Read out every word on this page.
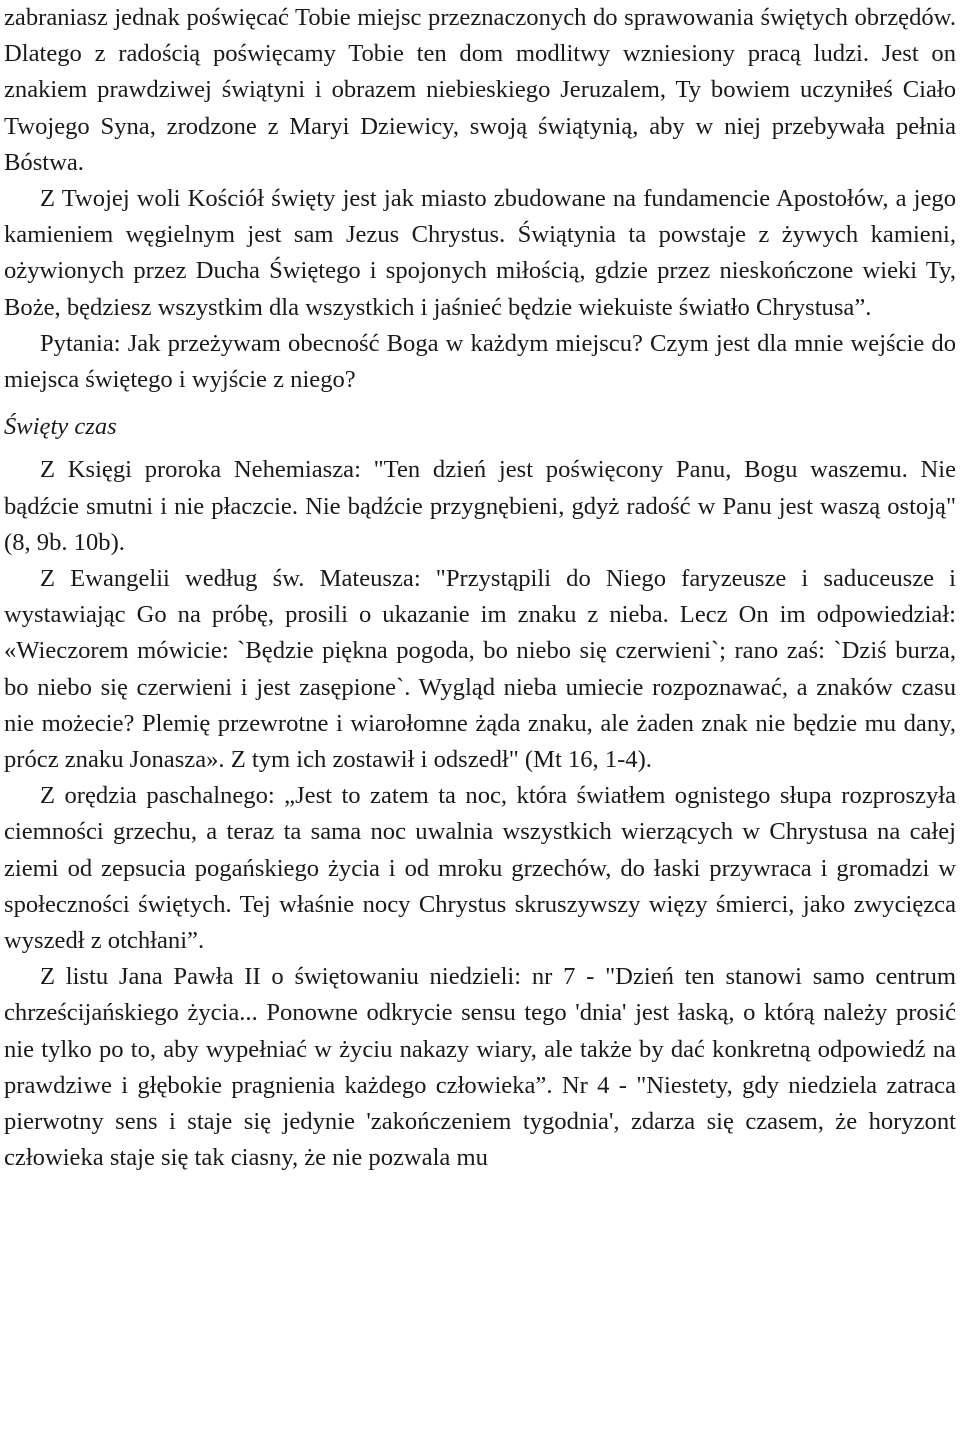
zabraniasz jednak poświęcać Tobie miejsc przeznaczonych do sprawowania świętych obrzędów. Dlatego z radością poświęcamy Tobie ten dom modlitwy wzniesiony pracą ludzi. Jest on znakiem prawdziwej świątyni i obrazem niebieskiego Jeruzalem, Ty bowiem uczyniłeś Ciało Twojego Syna, zrodzone z Maryi Dziewicy, swoją świątynią, aby w niej przebywała pełnia Bóstwa.

Z Twojej woli Kościół święty jest jak miasto zbudowane na fundamencie Apostołów, a jego kamieniem węgielnym jest sam Jezus Chrystus. Świątynia ta powstaje z żywych kamieni, ożywionych przez Ducha Świętego i spojonych miłością, gdzie przez nieskończone wieki Ty, Boże, będziesz wszystkim dla wszystkich i jaśnieć będzie wiekuiste światło Chrystusa”.

Pytania: Jak przeżywam obecność Boga w każdym miejscu? Czym jest dla mnie wejście do miejsca świętego i wyjście z niego?

Święty czas

Z Księgi proroka Nehemiasza: "Ten dzień jest poświęcony Panu, Bogu waszemu. Nie bądźcie smutni i nie płaczcie. Nie bądźcie przygnębieni, gdyż radość w Panu jest waszą ostoją" (8, 9b. 10b).

Z Ewangelii według św. Mateusza: "Przystąpili do Niego faryzeusze i saduceusze i wystawiając Go na próbę, prosili o ukazanie im znaku z nieba. Lecz On im odpowiedział: «Wieczorem mówicie: `Będzie piękna pogoda, bo niebo się czerwieni`; rano zaś: `Dziś burza, bo niebo się czerwieni i jest zasępione`. Wygląd nieba umiecie rozpoznawać, a znaków czasu nie możecie? Plemię przewrotne i wiarołomne żąda znaku, ale żaden znak nie będzie mu dany, prócz znaku Jonasza». Z tym ich zostawił i odszedł" (Mt 16, 1-4).

Z orędzia paschalnego: „Jest to zatem ta noc, która światłem ognistego słupa rozproszyła ciemności grzechu, a teraz ta sama noc uwalnia wszystkich wierzących w Chrystusa na całej ziemi od zepsucia pogańskiego życia i od mroku grzechów, do łaski przywraca i gromadzi w społeczności świętych. Tej właśnie nocy Chrystus skruszywszy więzy śmierci, jako zwycięzca wyszedł z otchłani”.

Z listu Jana Pawła II o świętowaniu niedzieli: nr 7 - "Dzień ten stanowi samo centrum chrześcijańskiego życia... Ponowne odkrycie sensu tego 'dnia' jest łaską, o którą należy prosić nie tylko po to, aby wypełniać w życiu nakazy wiary, ale także by dać konkretną odpowiedź na prawdziwe i głębokie pragnienia każdego człowieka”. Nr 4 - "Niestety, gdy niedziela zatraca pierwotny sens i staje się jedynie 'zakończeniem tygodnia', zdarza się czasem, że horyzont człowieka staje się tak ciasny, że nie pozwala mu
